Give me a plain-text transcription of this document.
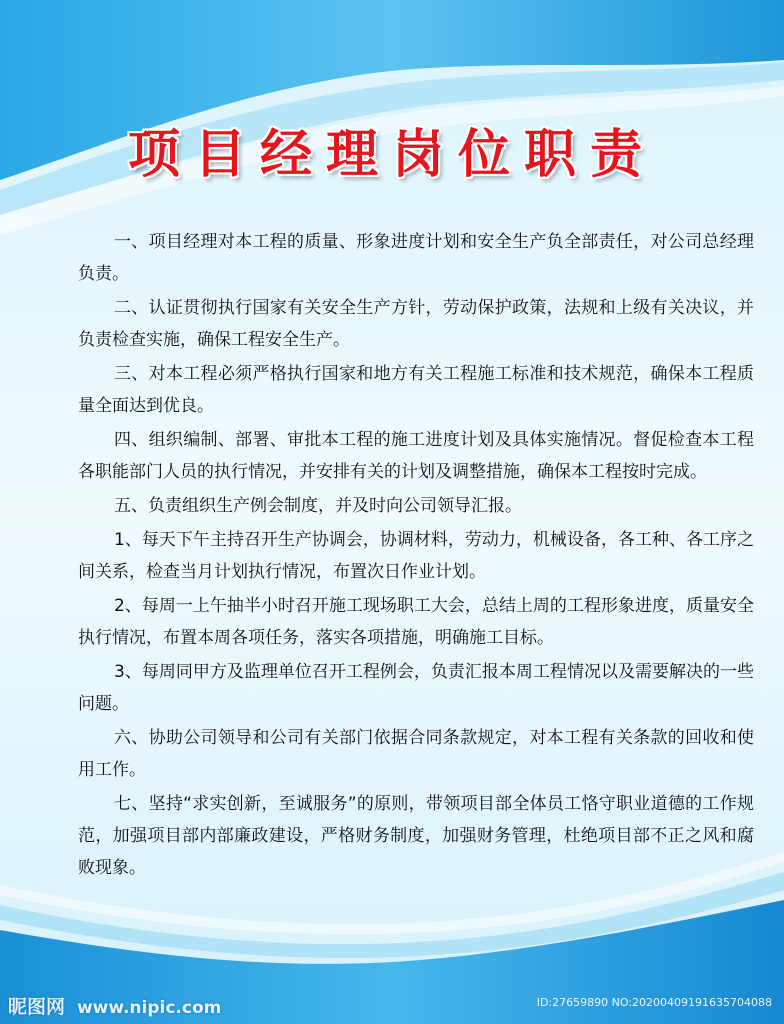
项目经理岗位职责

一、项目经理对本工程的质量、形象进度计划和安全生产负全部责任，对公司总经理负责。

二、认证贯彻执行国家有关安全生产方针，劳动保护政策，法规和上级有关决议，并负责检查实施，确保工程安全生产。

三、对本工程必须严格执行国家和地方有关工程施工标准和技术规范，确保本工程质量全面达到优良。

四、组织编制、部署、审批本工程的施工进度计划及具体实施情况。督促检查本工程各职能部门人员的执行情况，并安排有关的计划及调整措施，确保本工程按时完成。

五、负责组织生产例会制度，并及时向公司领导汇报。

1、每天下午主持召开生产协调会，协调材料，劳动力，机械设备，各工种、各工序之间关系，检查当月计划执行情况，布置次日作业计划。

2、每周一上午抽半小时召开施工现场职工大会，总结上周的工程形象进度，质量安全执行情况，布置本周各项任务，落实各项措施，明确施工目标。

3、每周同甲方及监理单位召开工程例会，负责汇报本周工程情况以及需要解决的一些问题。

六、协助公司领导和公司有关部门依据合同条款规定，对本工程有关条款的回收和使用工作。

七、坚持“求实创新，至诚服务”的原则，带领项目部全体员工恪守职业道德的工作规范，加强项目部内部廉政建设，严格财务制度，加强财务管理，杜绝项目部不正之风和腐败现象。

昵图网 www.nipic.com	ID:27659890 NO:20200409191635704088
